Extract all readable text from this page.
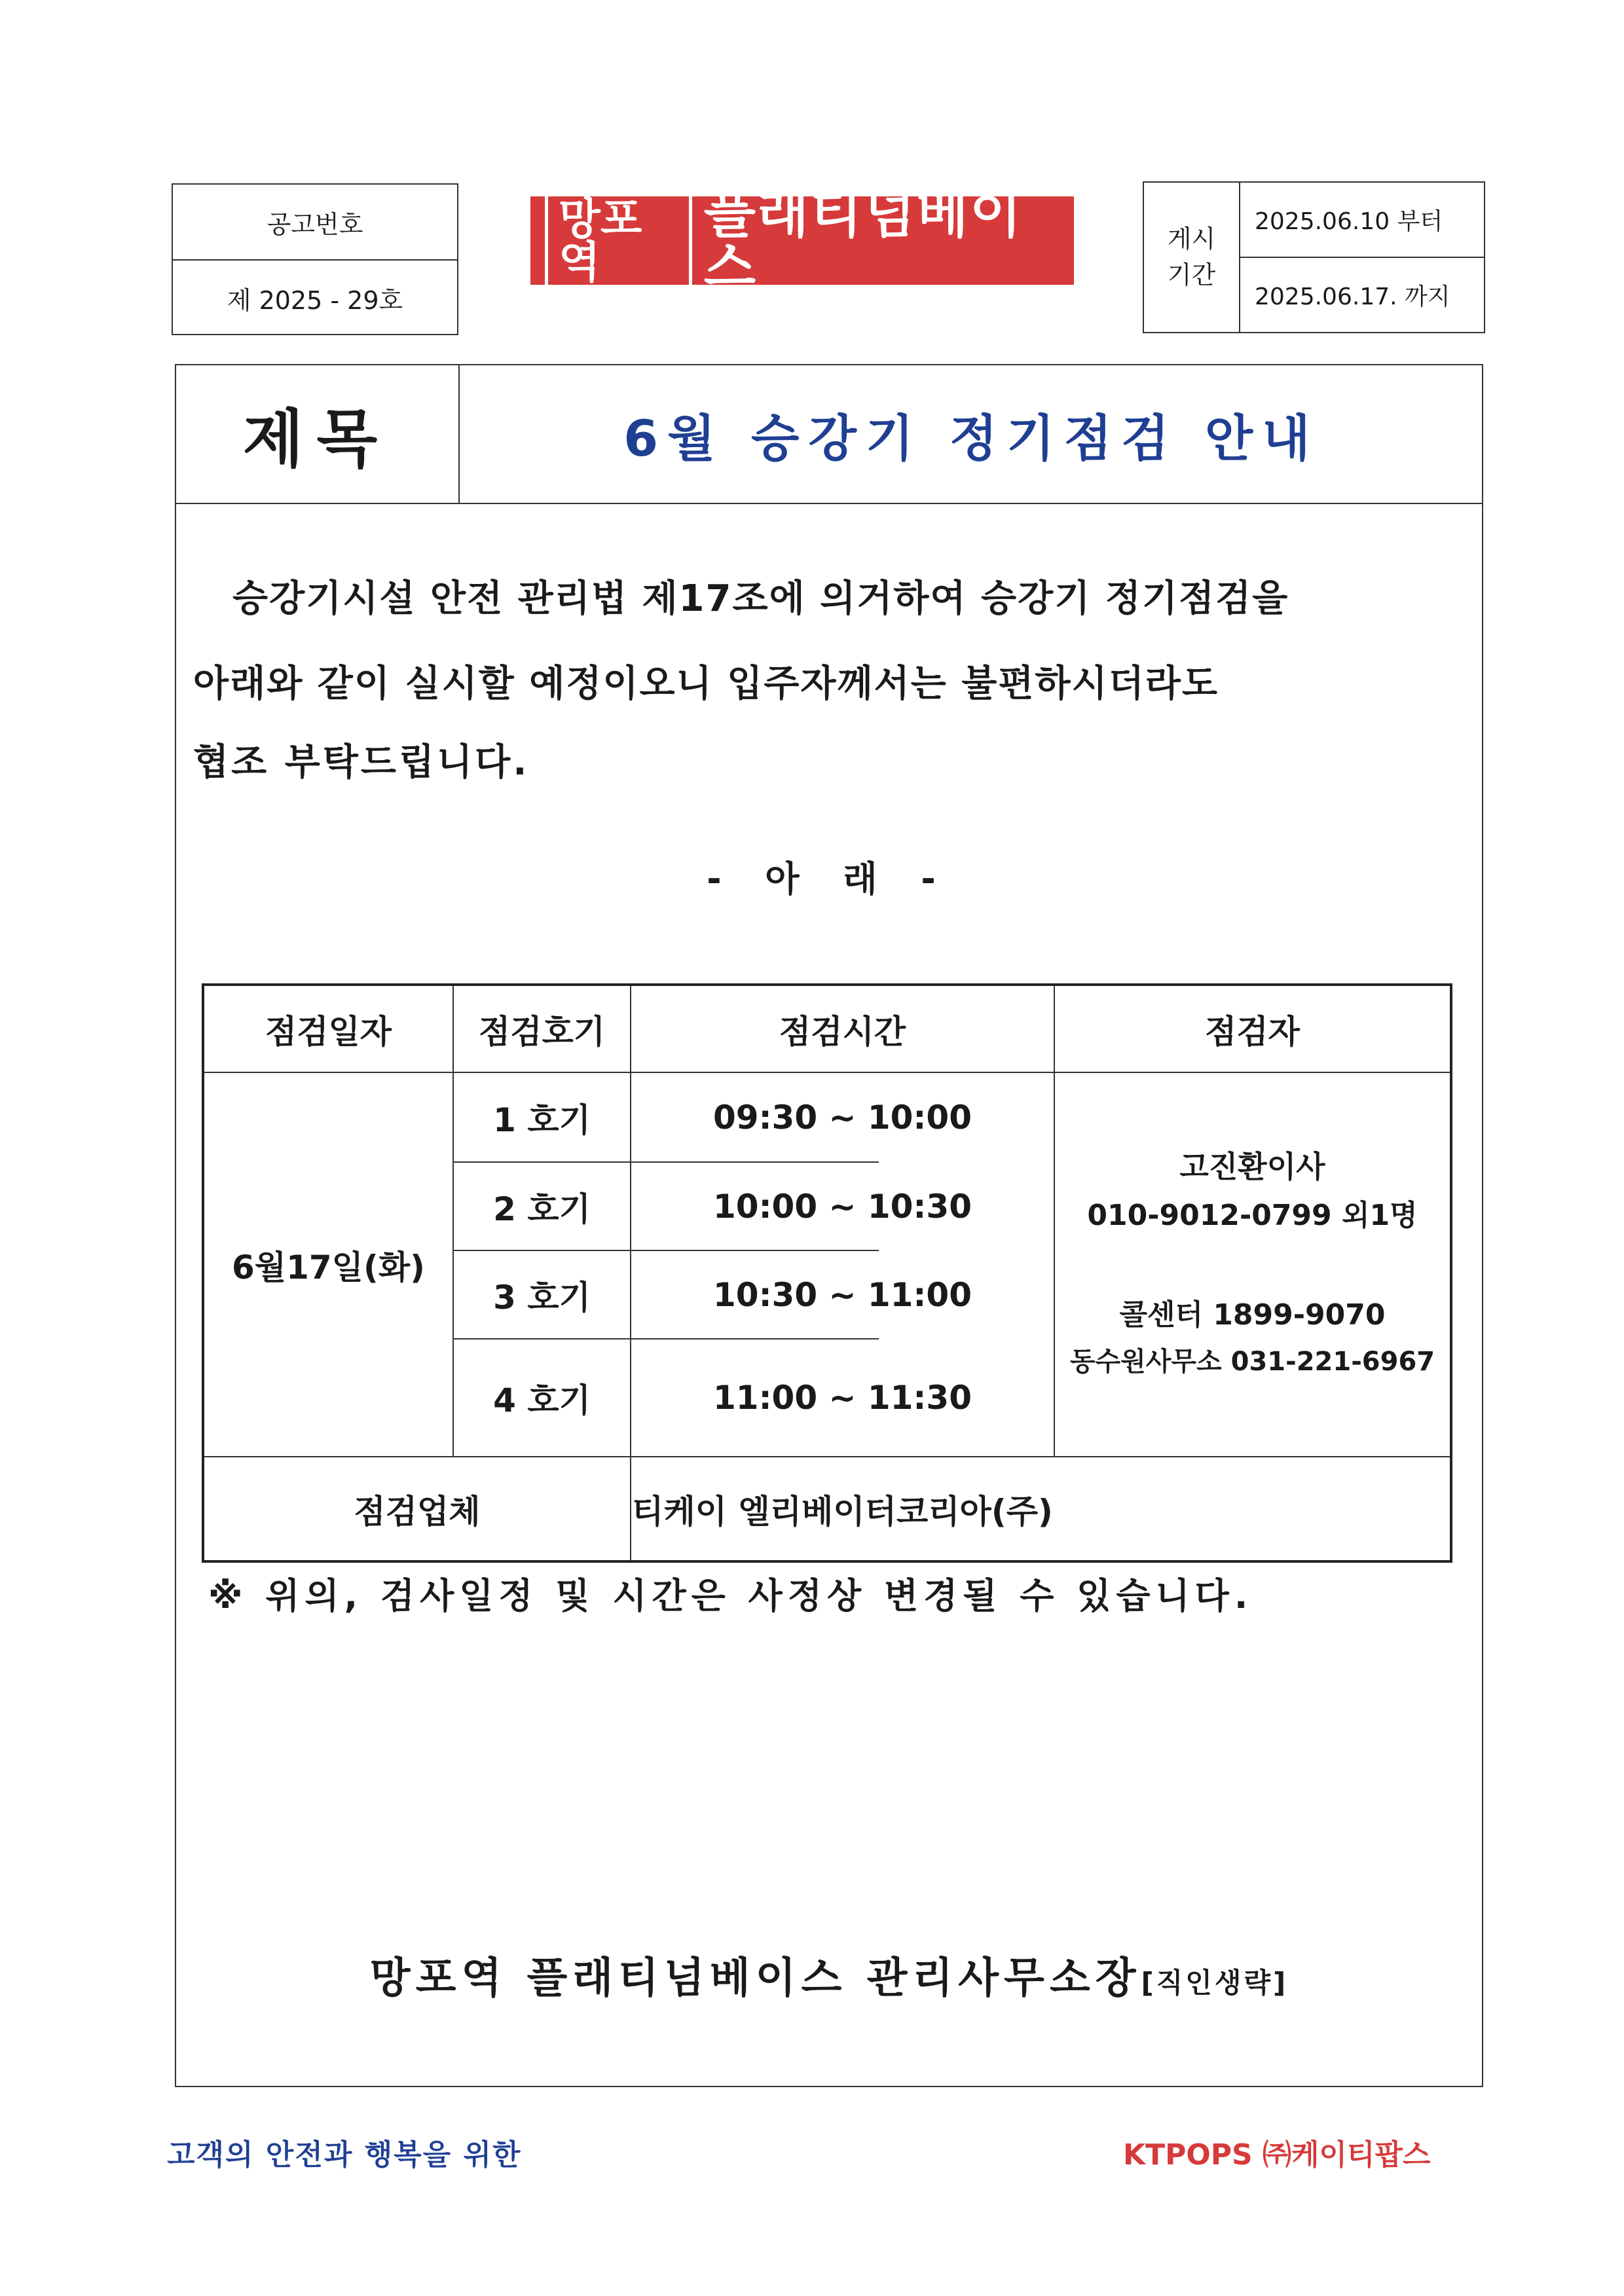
공고번호
제 2025 - 29호
망포역
플래티넘베이스	게시
기간
2025.06.10 부터
2025.06.17. 까지
제목	6월 승강기 정기점검 안내
승강기시설 안전 관리법 제17조에 의거하여 승강기 정기점검을
아래와 같이 실시할 예정이오니 입주자께서는 불편하시더라도
협조 부탁드립니다.
- 아 래 -
점검일자	점검호기	점검시간	점검자
6월17일(화)
1 호기	09:30 ~ 10:00
2 호기	10:00 ~ 10:30
3 호기	10:30 ~ 11:00
4 호기	11:00 ~ 11:30
고진환이사
010-9012-0799 외1명
콜센터 1899-9070
동수원사무소 031-221-6967
점검업체	티케이 엘리베이터코리아(주)
※ 위의, 검사일정 및 시간은 사정상 변경될 수 있습니다.
망포역 플래티넘베이스 관리사무소장[직인생략]
고객의 안전과 행복을 위한	KTPOPS ㈜케이티팝스
